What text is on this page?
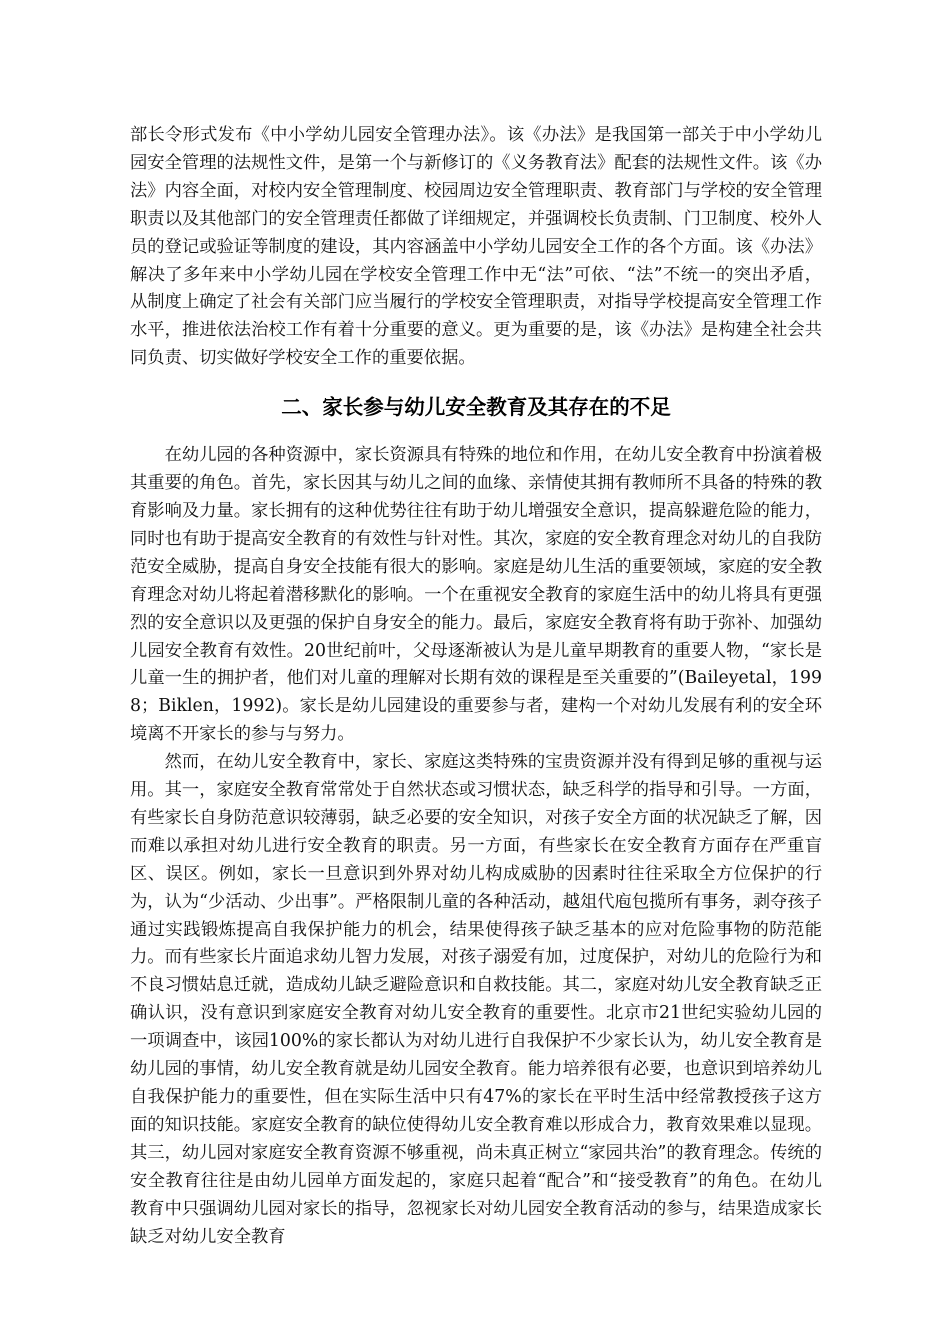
部长令形式发布《中小学幼儿园安全管理办法》。该《办法》是我国第一部关于中小学幼儿园安全管理的法规性文件，是第一个与新修订的《义务教育法》配套的法规性文件。该《办法》内容全面，对校内安全管理制度、校园周边安全管理职责、教育部门与学校的安全管理职责以及其他部门的安全管理责任都做了详细规定，并强调校长负责制、门卫制度、校外人员的登记或验证等制度的建设，其内容涵盖中小学幼儿园安全工作的各个方面。该《办法》解决了多年来中小学幼儿园在学校安全管理工作中无“法”可依、“法”不统一的突出矛盾，从制度上确定了社会有关部门应当履行的学校安全管理职责，对指导学校提高安全管理工作水平，推进依法治校工作有着十分重要的意义。更为重要的是，该《办法》是构建全社会共同负责、切实做好学校安全工作的重要依据。

二、家长参与幼儿安全教育及其存在的不足

在幼儿园的各种资源中，家长资源具有特殊的地位和作用，在幼儿安全教育中扮演着极其重要的角色。首先，家长因其与幼儿之间的血缘、亲情使其拥有教师所不具备的特殊的教育影响及力量。家长拥有的这种优势往往有助于幼儿增强安全意识，提高躲避危险的能力，同时也有助于提高安全教育的有效性与针对性。其次，家庭的安全教育理念对幼儿的自我防范安全威胁，提高自身安全技能有很大的影响。家庭是幼儿生活的重要领域，家庭的安全教育理念对幼儿将起着潜移默化的影响。一个在重视安全教育的家庭生活中的幼儿将具有更强烈的安全意识以及更强的保护自身安全的能力。最后，家庭安全教育将有助于弥补、加强幼儿园安全教育有效性。20世纪前叶，父母逐渐被认为是儿童早期教育的重要人物，“家长是儿童一生的拥护者，他们对儿童的理解对长期有效的课程是至关重要的”(Baileyetal，1998；Biklen，1992)。家长是幼儿园建设的重要参与者，建构一个对幼儿发展有利的安全环境离不开家长的参与与努力。

然而，在幼儿安全教育中，家长、家庭这类特殊的宝贵资源并没有得到足够的重视与运用。其一，家庭安全教育常常处于自然状态或习惯状态，缺乏科学的指导和引导。一方面，有些家长自身防范意识较薄弱，缺乏必要的安全知识，对孩子安全方面的状况缺乏了解，因而难以承担对幼儿进行安全教育的职责。另一方面，有些家长在安全教育方面存在严重盲区、误区。例如，家长一旦意识到外界对幼儿构成威胁的因素时往往采取全方位保护的行为，认为“少活动、少出事”。严格限制儿童的各种活动，越俎代庖包揽所有事务，剥夺孩子通过实践锻炼提高自我保护能力的机会，结果使得孩子缺乏基本的应对危险事物的防范能力。而有些家长片面追求幼儿智力发展，对孩子溺爱有加，过度保护，对幼儿的危险行为和不良习惯姑息迁就，造成幼儿缺乏避险意识和自救技能。其二，家庭对幼儿安全教育缺乏正确认识，没有意识到家庭安全教育对幼儿安全教育的重要性。北京市21世纪实验幼儿园的一项调查中，该园100%的家长都认为对幼儿进行自我保护不少家长认为，幼儿安全教育是幼儿园的事情，幼儿安全教育就是幼儿园安全教育。能力培养很有必要，也意识到培养幼儿自我保护能力的重要性，但在实际生活中只有47%的家长在平时生活中经常教授孩子这方面的知识技能。家庭安全教育的缺位使得幼儿安全教育难以形成合力，教育效果难以显现。其三，幼儿园对家庭安全教育资源不够重视，尚未真正树立“家园共治”的教育理念。传统的安全教育往往是由幼儿园单方面发起的，家庭只起着“配合”和“接受教育”的角色。在幼儿教育中只强调幼儿园对家长的指导，忽视家长对幼儿园安全教育活动的参与，结果造成家长缺乏对幼儿安全教育
